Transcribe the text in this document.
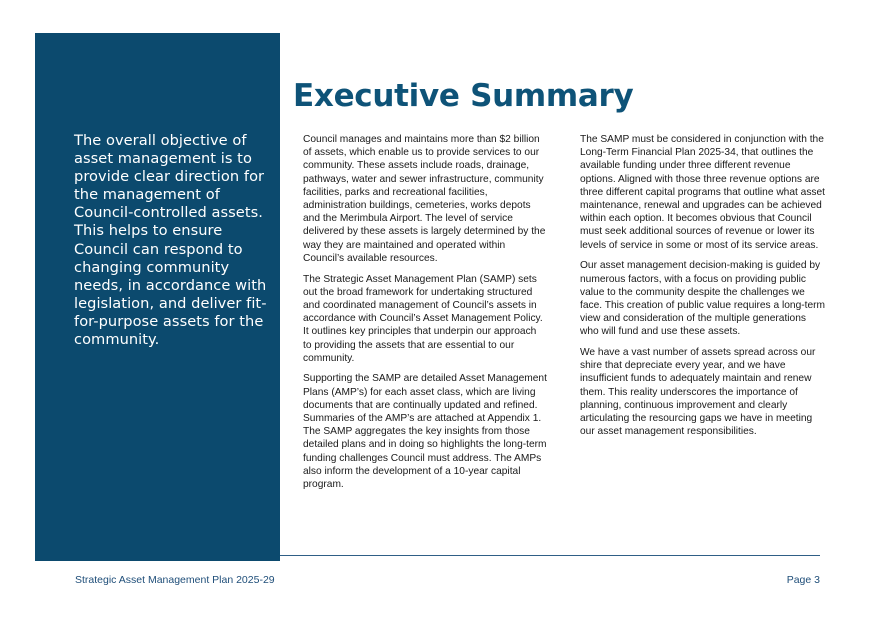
The overall objective of asset management is to provide clear direction for the management of Council-controlled assets. This helps to ensure Council can respond to changing community needs, in accordance with legislation, and deliver fit-for-purpose assets for the community.

Executive Summary

Council manages and maintains more than $2 billion of assets, which enable us to provide services to our community. These assets include roads, drainage, pathways, water and sewer infrastructure, community facilities, parks and recreational facilities, administration buildings, cemeteries, works depots and the Merimbula Airport. The level of service delivered by these assets is largely determined by the way they are maintained and operated within Council’s available resources.

The Strategic Asset Management Plan (SAMP) sets out the broad framework for undertaking structured and coordinated management of Council’s assets in accordance with Council’s Asset Management Policy. It outlines key principles that underpin our approach to providing the assets that are essential to our community.

Supporting the SAMP are detailed Asset Management Plans (AMP’s) for each asset class, which are living documents that are continually updated and refined. Summaries of the AMP’s are attached at Appendix 1. The SAMP aggregates the key insights from those detailed plans and in doing so highlights the long-term funding challenges Council must address. The AMPs also inform the development of a 10-year capital program.

The SAMP must be considered in conjunction with the Long-Term Financial Plan 2025-34, that outlines the available funding under three different revenue options. Aligned with those three revenue options are three different capital programs that outline what asset maintenance, renewal and upgrades can be achieved within each option. It becomes obvious that Council must seek additional sources of revenue or lower its levels of service in some or most of its service areas.

Our asset management decision-making is guided by numerous factors, with a focus on providing public value to the community despite the challenges we face. This creation of public value requires a long-term view and consideration of the multiple generations who will fund and use these assets.

We have a vast number of assets spread across our shire that depreciate every year, and we have insufficient funds to adequately maintain and renew them. This reality underscores the importance of planning, continuous improvement and clearly articulating the resourcing gaps we have in meeting our asset management responsibilities.

Strategic Asset Management Plan 2025-29	Page 3
